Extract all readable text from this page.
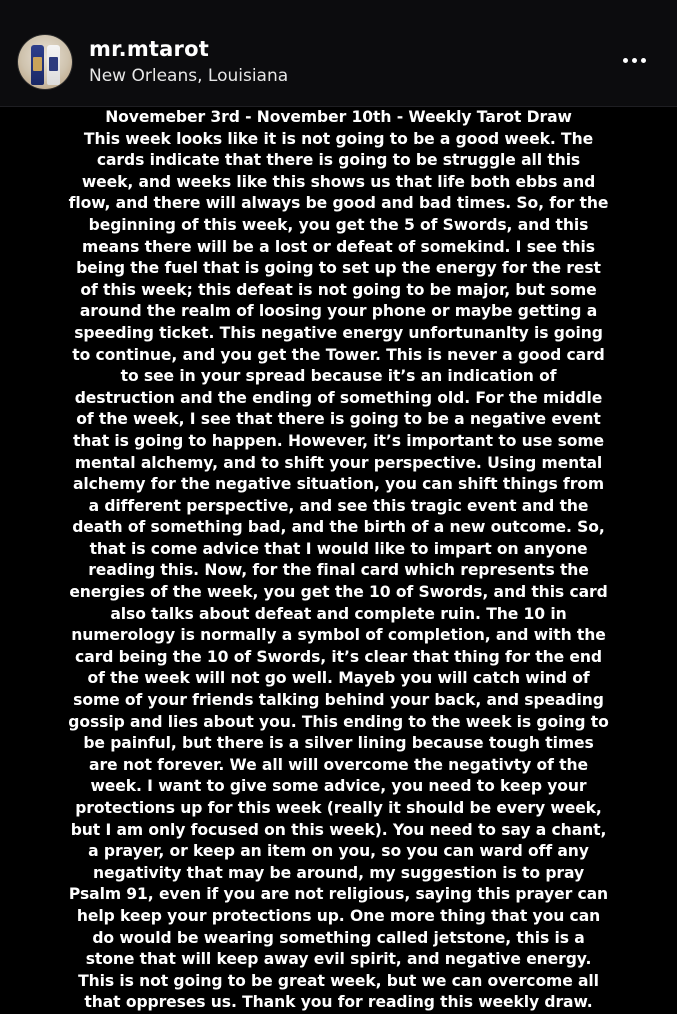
mr.mtarot
New Orleans, Louisiana

Novemeber 3rd - November 10th - Weekly Tarot Draw
This week looks like it is not going to be a good week. The
cards indicate that there is going to be struggle all this
week, and weeks like this shows us that life both ebbs and
flow, and there will always be good and bad times. So, for the
beginning of this week, you get the 5 of Swords, and this
means there will be a lost or defeat of somekind. I see this
being the fuel that is going to set up the energy for the rest
of this week; this defeat is not going to be major, but some
around the realm of loosing your phone or maybe getting a
speeding ticket. This negative energy unfortunanlty is going
to continue, and you get the Tower. This is never a good card
to see in your spread because it’s an indication of
destruction and the ending of something old. For the middle
of the week, I see that there is going to be a negative event
that is going to happen. However, it’s important to use some
mental alchemy, and to shift your perspective. Using mental
alchemy for the negative situation, you can shift things from
a different perspective, and see this tragic event and the
death of something bad, and the birth of a new outcome. So,
that is come advice that I would like to impart on anyone
reading this. Now, for the final card which represents the
energies of the week, you get the 10 of Swords, and this card
also talks about defeat and complete ruin. The 10 in
numerology is normally a symbol of completion, and with the
card being the 10 of Swords, it’s clear that thing for the end
of the week will not go well. Mayeb you will catch wind of
some of your friends talking behind your back, and speading
gossip and lies about you. This ending to the week is going to
be painful, but there is a silver lining because tough times
are not forever. We all will overcome the negativty of the
week. I want to give some advice, you need to keep your
protections up for this week (really it should be every week,
but I am only focused on this week). You need to say a chant,
a prayer, or keep an item on you, so you can ward off any
negativity that may be around, my suggestion is to pray
Psalm 91, even if you are not religious, saying this prayer can
help keep your protections up. One more thing that you can
do would be wearing something called jetstone, this is a
stone that will keep away evil spirit, and negative energy.
This is not going to be great week, but we can overcome all
that oppreses us. Thank you for reading this weekly draw.
